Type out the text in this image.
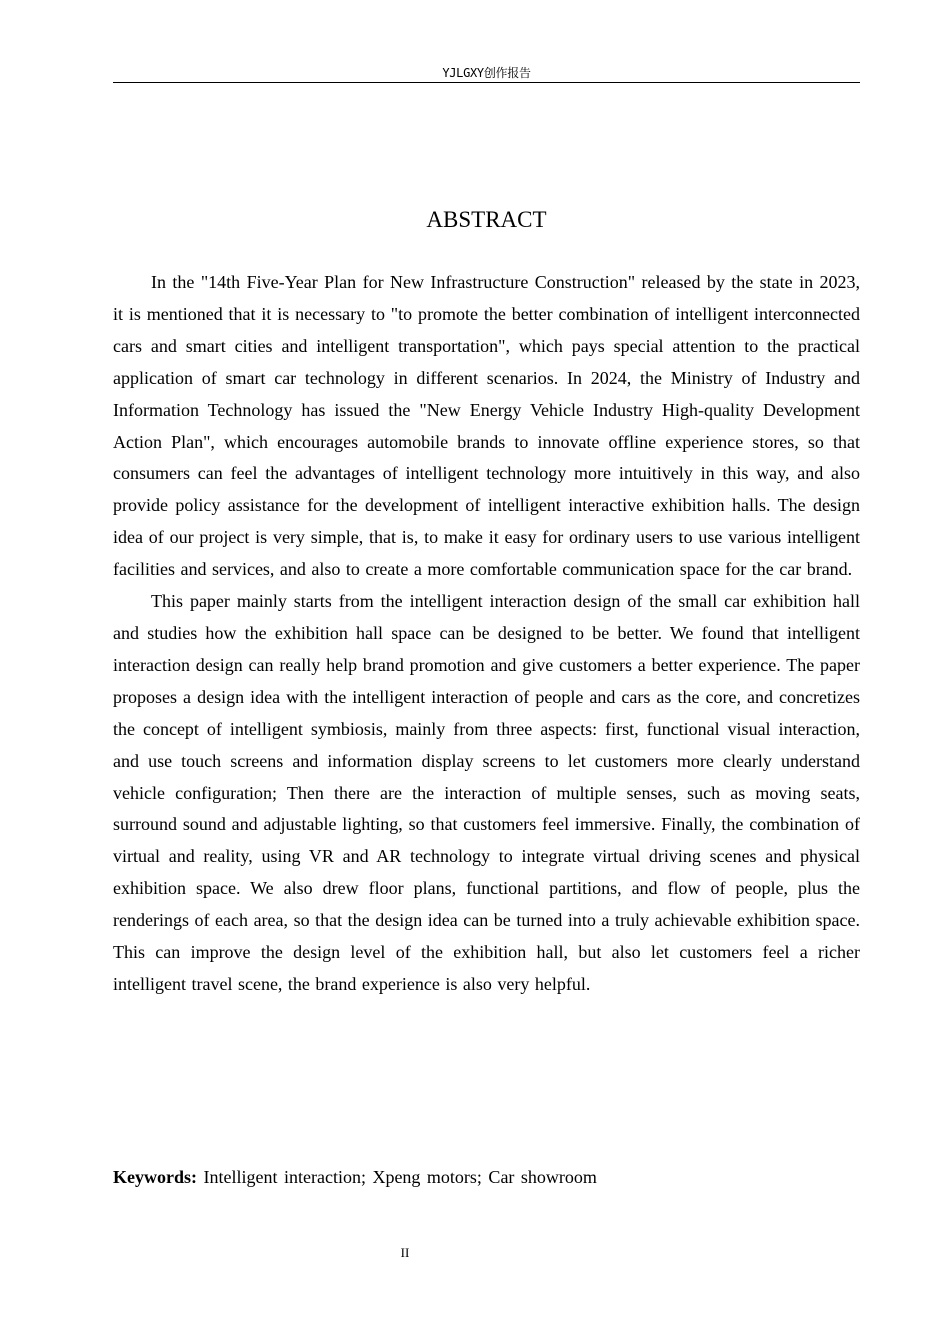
YJLGXY创作报告
ABSTRACT

In the "14th Five-Year Plan for New Infrastructure Construction" released by the state in 2023, it is mentioned that it is necessary to "to promote the better combination of intelligent interconnected cars and smart cities and intelligent transportation", which pays special attention to the practical application of smart car technology in different scenarios. In 2024, the Ministry of Industry and Information Technology has issued the "New Energy Vehicle Industry High-quality Development Action Plan", which encourages automobile brands to innovate offline experience stores, so that consumers can feel the advantages of intelligent technology more intuitively in this way, and also provide policy assistance for the development of intelligent interactive exhibition halls. The design idea of our project is very simple, that is, to make it easy for ordinary users to use various intelligent facilities and services, and also to create a more comfortable communication space for the car brand.

This paper mainly starts from the intelligent interaction design of the small car exhibition hall and studies how the exhibition hall space can be designed to be better. We found that intelligent interaction design can really help brand promotion and give customers a better experience. The paper proposes a design idea with the intelligent interaction of people and cars as the core, and concretizes the concept of intelligent symbiosis, mainly from three aspects: first, functional visual interaction, and use touch screens and information display screens to let customers more clearly understand vehicle configuration; Then there are the interaction of multiple senses, such as moving seats, surround sound and adjustable lighting, so that customers feel immersive. Finally, the combination of virtual and reality, using VR and AR technology to integrate virtual driving scenes and physical exhibition space. We also drew floor plans, functional partitions, and flow of people, plus the renderings of each area, so that the design idea can be turned into a truly achievable exhibition space. This can improve the design level of the exhibition hall, but also let customers feel a richer intelligent travel scene, the brand experience is also very helpful.

Keywords: Intelligent interaction; Xpeng motors; Car showroom

II
